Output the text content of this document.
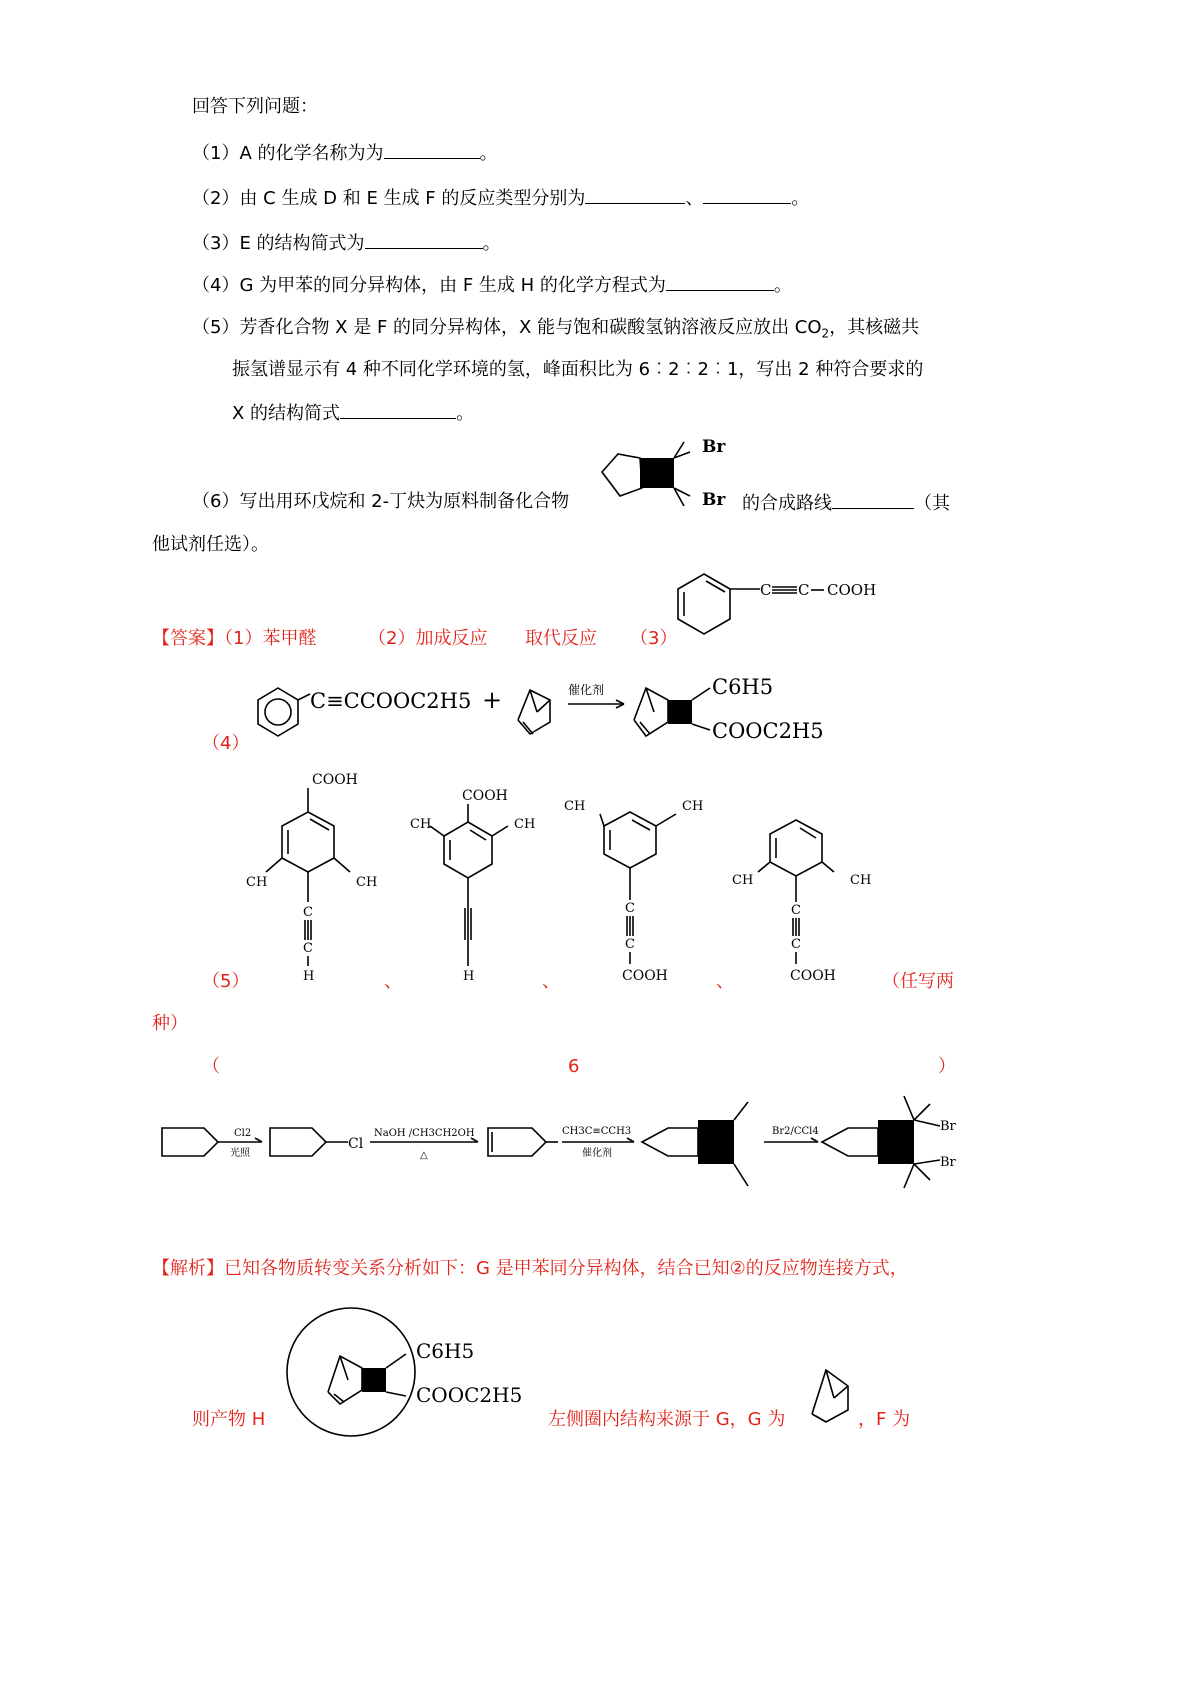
回答下列问题：
（1）A 的化学名称为为	。
（2）由 C 生成 D 和 E 生成 F 的反应类型分别为	、	。
（3）E 的结构简式为	。
（4）G 为甲苯的同分异构体，由 F 生成 H 的化学方程式为	。
（5）芳香化合物 X 是 F 的同分异构体，X 能与饱和碳酸氢钠溶液反应放出 $CO_2$，其核磁共
振氢谱显示有 4 种不同化学环境的氢，峰面积比为 6︰2︰2︰1，写出 2 种符合要求的
X 的结构简式	。
（6）写出用环戊烷和 2-丁炔为原料制备化合物	的合成路线	（其
他试剂任选）。
Br
Br
【答案】（1）苯甲醛	（2）加成反应 取代反应 （3）
C C COOH
（4）
C≡CCOOC2H5 +	催化剂	C6H5
COOC2H5
COOH
CH	CH
C
C
H
COOH
CH	CH
H
CH	CH
C
C
COOH
CH	CH
C
C
COOH
（5）	、	、	、	（任写两
种）
（	6	）
Cl2
光照
Cl
NaOH /CH3CH2OH
△
CH3C≡CCH3
催化剂
Br2/CCl4	Br
Br
【解析】已知各物质转变关系分析如下：G 是甲苯同分异构体，结合已知②的反应物连接方式，
则产物 H
C6H5
COOC2H5
左侧圈内结构来源于 G，G 为	，F 为
